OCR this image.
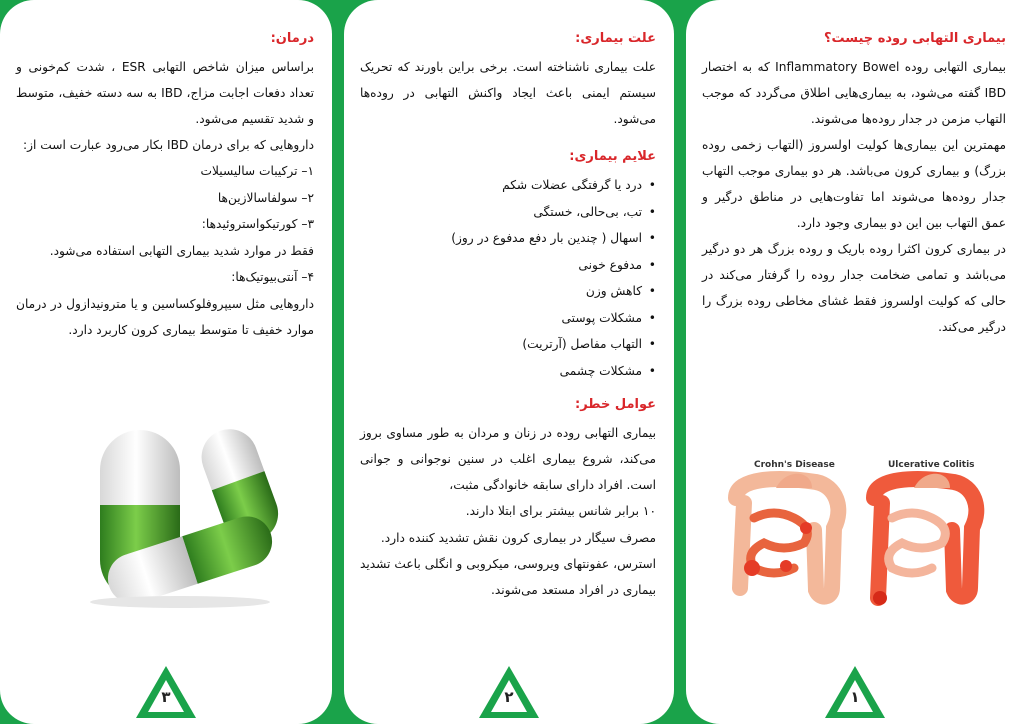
درمان:

براساس میزان شاخص التهابی ESR ، شدت کم‌خونی و تعداد دفعات اجابت مزاج، IBD به سه دسته خفیف، متوسط و شدید تقسیم می‌شود.

داروهایی که برای درمان IBD بکار می‌رود عبارت است از:

۱– ترکیبات سالیسیلات

۲– سولفاسالازین‌ها

۳– کورتیکواستروئیدها:

فقط در موارد شدید بیماری التهابی استفاده می‌شود.

۴– آنتی‌بیوتیک‌ها:

داروهایی مثل سیپروفلوکساسین و یا مترونیدازول در درمان موارد خفیف تا متوسط بیماری کرون کاربرد دارد.

٣
علت بیماری:

علت بیماری ناشناخته است. برخی براین باورند که تحریک سیستم ایمنی باعث ایجاد واکنش التهابی در روده‌ها می‌شود.

علایم بیماری:
• درد یا گرفتگی عضلات شکم
• تب، بی‌حالی، خستگی
• اسهال ( چندین بار دفع مدفوع در روز)
• مدفوع خونی
• کاهش وزن
• مشکلات پوستی
• التهاب مفاصل (آرتریت)
• مشکلات چشمی
عوامل خطر:

بیماری التهابی روده در زنان و مردان به طور مساوی بروز می‌کند، شروع بیماری اغلب در سنین نوجوانی و جوانی است. افراد دارای سابقه خانوادگی مثبت،

۱۰ برابر شانس بیشتر برای ابتلا دارند.

مصرف سیگار در بیماری کرون نقش تشدید کننده دارد.

استرس، عفونتهای ویروسی، میکروبی و انگلی باعث تشدید بیماری در افراد مستعد می‌شوند.

٢
بیماری التهابی روده چیست؟

بیماری التهابی روده Inflammatory Bowel که به اختصار IBD گفته می‌شود، به بیماری‌هایی اطلاق می‌گردد که موجب التهاب مزمن در جدار روده‌ها می‌شوند.

مهمترین این بیماری‌ها کولیت اولسروز (التهاب زخمی روده بزرگ) و بیماری کرون می‌باشد. هر دو بیماری موجب التهاب جدار روده‌ها می‌شوند اما تفاوت‌هایی در مناطق درگیر و عمق التهاب بین این دو بیماری وجود دارد.

در بیماری کرون اکثرا روده باریک و روده بزرگ هر دو درگیر می‌باشد و تمامی ضخامت جدار روده را گرفتار می‌کند در حالی که کولیت اولسروز فقط غشای مخاطی روده بزرگ را درگیر می‌کند.

Crohn's Disease	Ulcerative Colitis
١
